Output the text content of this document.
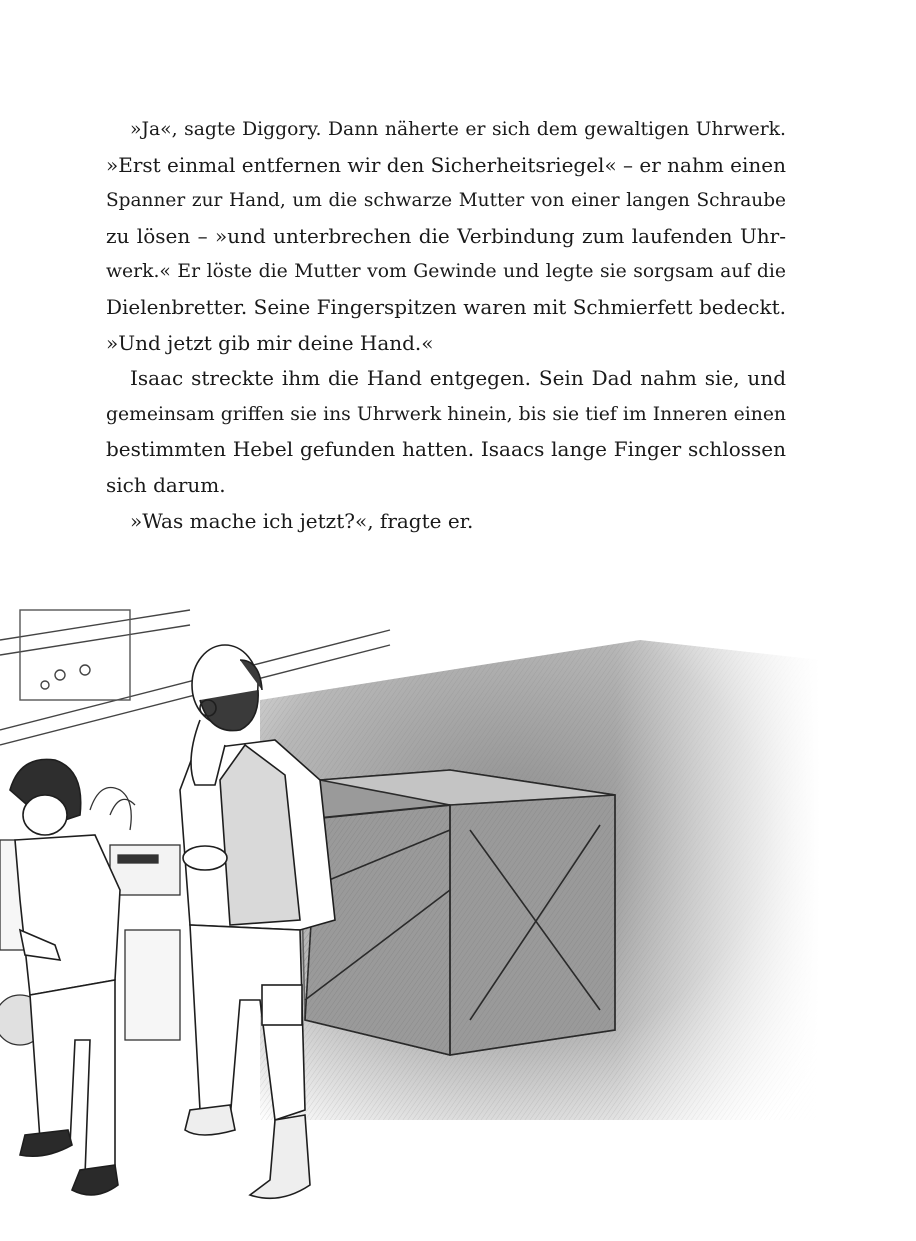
»Ja«, sagte Diggory. Dann näherte er sich dem gewaltigen Uhrwerk.
»Erst einmal entfernen wir den Sicherheitsriegel« – er nahm einen
Spanner zur Hand, um die schwarze Mutter von einer langen Schraube
zu lösen – »und unterbrechen die Verbindung zum laufenden Uhr-
werk.« Er löste die Mutter vom Gewinde und legte sie sorgsam auf die
Dielenbretter. Seine Fingerspitzen waren mit Schmierfett bedeckt.
»Und jetzt gib mir deine Hand.«
Isaac streckte ihm die Hand entgegen. Sein Dad nahm sie, und
gemeinsam griffen sie ins Uhrwerk hinein, bis sie tief im Inneren einen
bestimmten Hebel gefunden hatten. Isaacs lange Finger schlossen
sich darum.
»Was mache ich jetzt?«, fragte er.
